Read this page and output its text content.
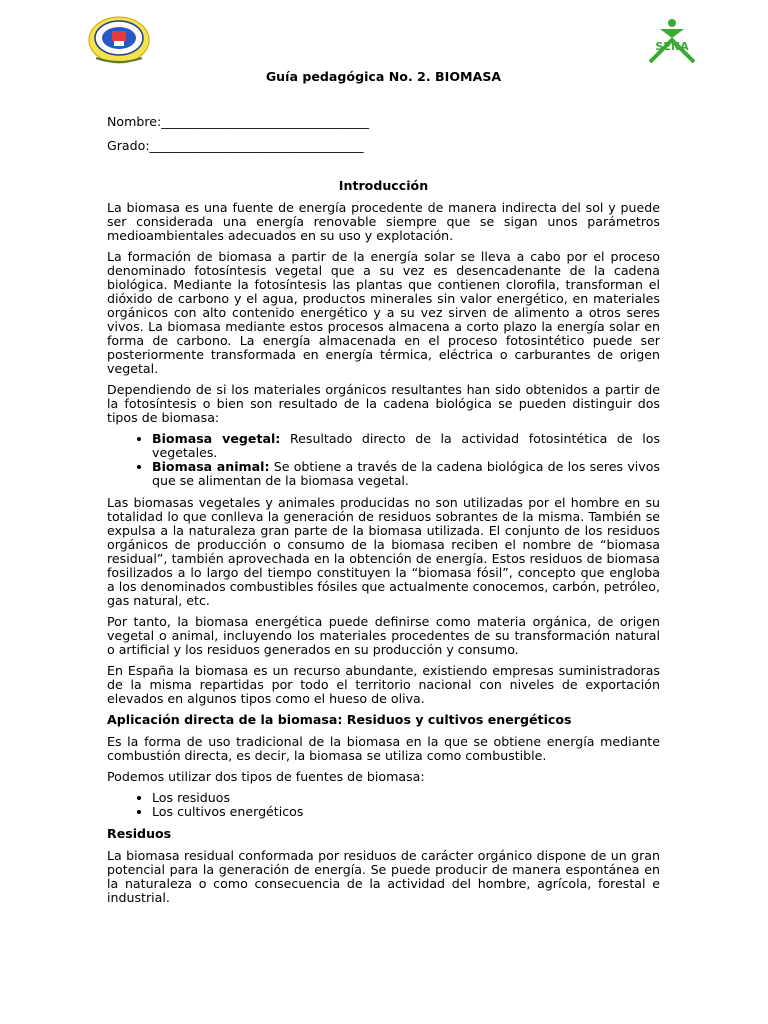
SENA
Guía pedagógica No. 2. BIOMASA
Nombre:_________________________________
Grado:__________________________________
Introducción

La biomasa es una fuente de energía procedente de manera indirecta del sol y puede ser considerada una energía renovable siempre que se sigan unos parámetros medioambientales adecuados en su uso y explotación.

La formación de biomasa a partir de la energía solar se lleva a cabo por el proceso denominado fotosíntesis vegetal que a su vez es desencadenante de la cadena biológica. Mediante la fotosíntesis las plantas que contienen clorofila, transforman el dióxido de carbono y el agua, productos minerales sin valor energético, en materiales orgánicos con alto contenido energético y a su vez sirven de alimento a otros seres vivos. La biomasa mediante estos procesos almacena a corto plazo la energía solar en forma de carbono. La energía almacenada en el proceso fotosintético puede ser posteriormente transformada en energía térmica, eléctrica o carburantes de origen vegetal.

Dependiendo de si los materiales orgánicos resultantes han sido obtenidos a partir de la fotosíntesis o bien son resultado de la cadena biológica se pueden distinguir dos tipos de biomasa:

• Biomasa vegetal: Resultado directo de la actividad fotosintética de los vegetales.
• Biomasa animal: Se obtiene a través de la cadena biológica de los seres vivos que se alimentan de la biomasa vegetal.

Las biomasas vegetales y animales producidas no son utilizadas por el hombre en su totalidad lo que conlleva la generación de residuos sobrantes de la misma. También se expulsa a la naturaleza gran parte de la biomasa utilizada. El conjunto de los residuos orgánicos de producción o consumo de la biomasa reciben el nombre de “biomasa residual”, también aprovechada en la obtención de energía. Estos residuos de biomasa fosilizados a lo largo del tiempo constituyen la “biomasa fósil”, concepto que engloba a los denominados combustibles fósiles que actualmente conocemos, carbón, petróleo, gas natural, etc.

Por tanto, la biomasa energética puede definirse como materia orgánica, de origen vegetal o animal, incluyendo los materiales procedentes de su transformación natural o artificial y los residuos generados en su producción y consumo.

En España la biomasa es un recurso abundante, existiendo empresas suministradoras de la misma repartidas por todo el territorio nacional con niveles de exportación elevados en algunos tipos como el hueso de oliva.

Aplicación directa de la biomasa: Residuos y cultivos energéticos

Es la forma de uso tradicional de la biomasa en la que se obtiene energía mediante combustión directa, es decir, la biomasa se utiliza como combustible.

Podemos utilizar dos tipos de fuentes de biomasa:

• Los residuos
• Los cultivos energéticos
Residuos

La biomasa residual conformada por residuos de carácter orgánico dispone de un gran potencial para la generación de energía. Se puede producir de manera espontánea en la naturaleza o como consecuencia de la actividad del hombre, agrícola, forestal e industrial.
